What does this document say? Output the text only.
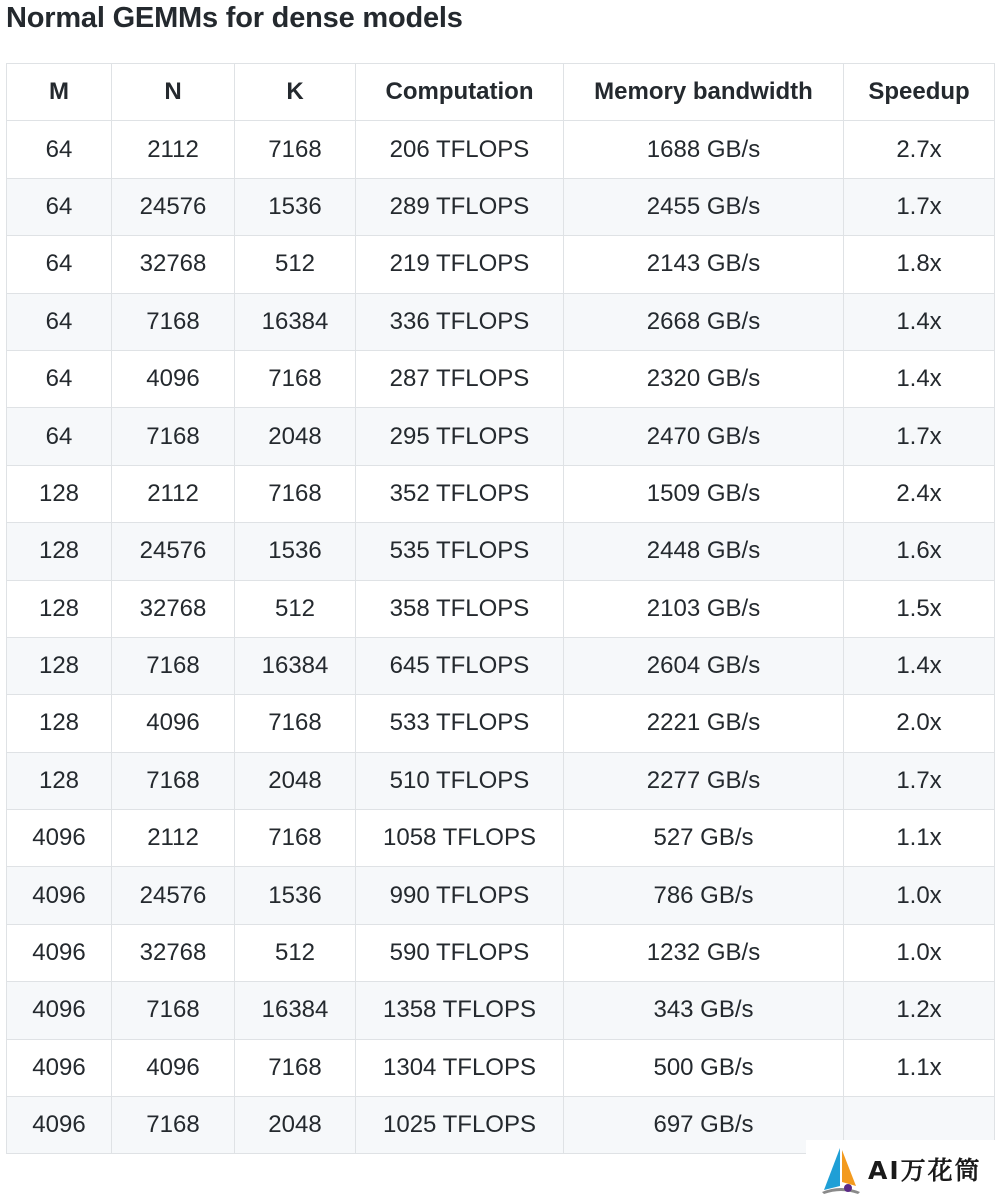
Normal GEMMs for dense models
M	N	K	Computation	Memory bandwidth	Speedup
64	2112	7168	206 TFLOPS	1688 GB/s	2.7x
64	24576	1536	289 TFLOPS	2455 GB/s	1.7x
64	32768	512	219 TFLOPS	2143 GB/s	1.8x
64	7168	16384	336 TFLOPS	2668 GB/s	1.4x
64	4096	7168	287 TFLOPS	2320 GB/s	1.4x
64	7168	2048	295 TFLOPS	2470 GB/s	1.7x
128	2112	7168	352 TFLOPS	1509 GB/s	2.4x
128	24576	1536	535 TFLOPS	2448 GB/s	1.6x
128	32768	512	358 TFLOPS	2103 GB/s	1.5x
128	7168	16384	645 TFLOPS	2604 GB/s	1.4x
128	4096	7168	533 TFLOPS	2221 GB/s	2.0x
128	7168	2048	510 TFLOPS	2277 GB/s	1.7x
4096	2112	7168	1058 TFLOPS	527 GB/s	1.1x
4096	24576	1536	990 TFLOPS	786 GB/s	1.0x
4096	32768	512	590 TFLOPS	1232 GB/s	1.0x
4096	7168	16384	1358 TFLOPS	343 GB/s	1.2x
4096	4096	7168	1304 TFLOPS	500 GB/s	1.1x
4096	7168	2048	1025 TFLOPS	697 GB/s	
AI万花筒
